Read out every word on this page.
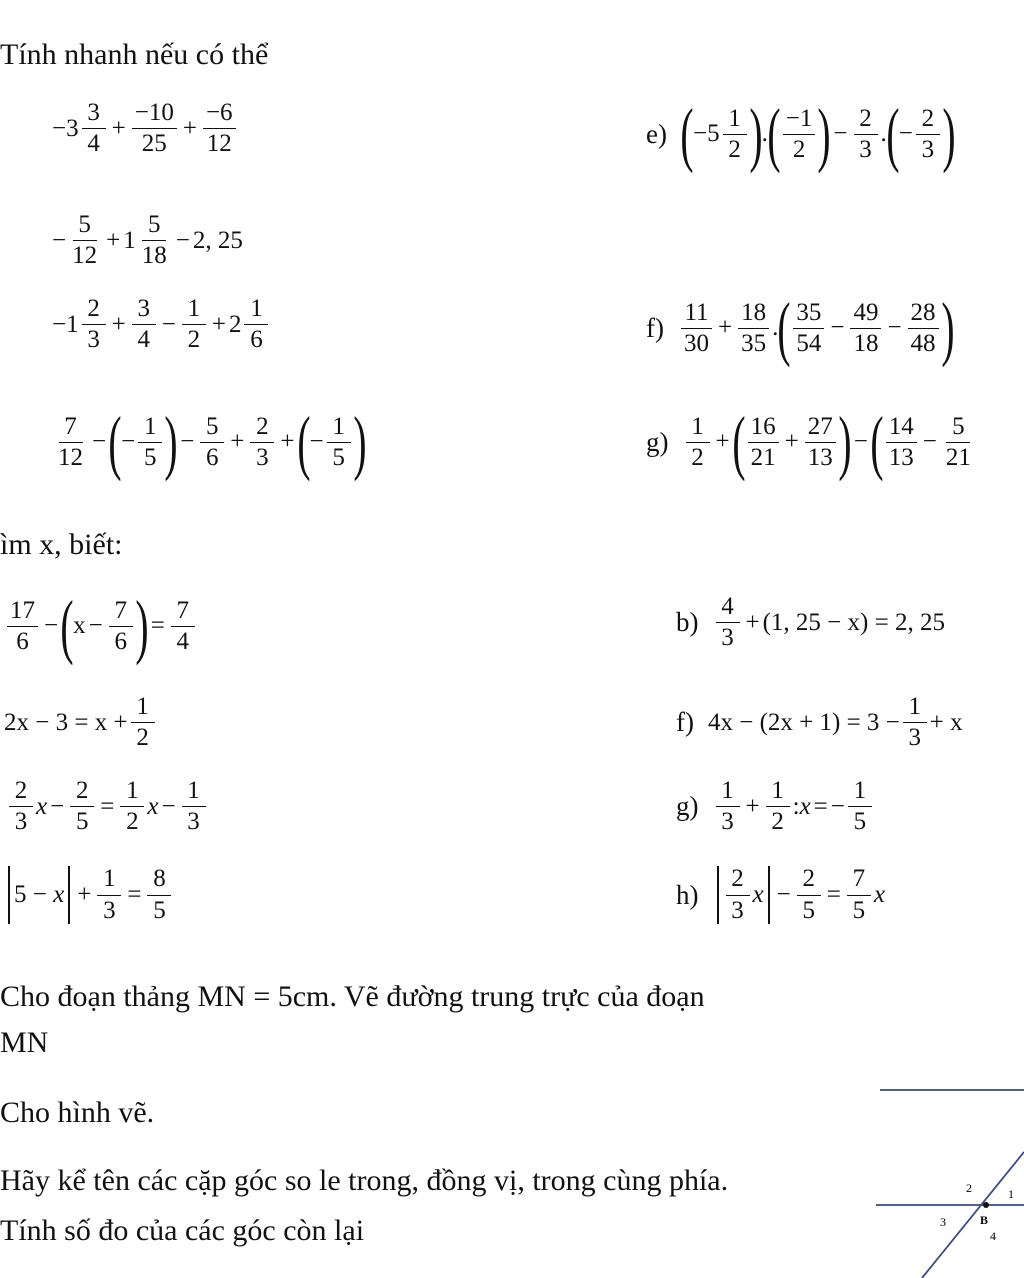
Tính nhanh nếu có thể
$-3 \frac{3}{4} + \frac{-10}{25} + \frac{-6}{12}$	e) ( $-5 \frac{1}{2}$ ) . ( $\frac{-1}{2}$ ) − $\frac{2}{3}$ . ( − $\frac{2}{3}$ )
− $\frac{5}{12} + 1 \frac{5}{18} - 2$, 25
$-1 \frac{2}{3} + \frac{3}{4} - \frac{1}{2} + 2 \frac{1}{6}$	$f) \frac{11}{30} + \frac{18}{35}$ . ( $\frac{35}{54} - \frac{49}{18} - \frac{28}{48}$ )
$\frac{7}{12}$ − ( − $\frac{1}{5}$ ) − $\frac{5}{6} + \frac{2}{3}$ + ( − $\frac{1}{5}$ )	$g) \frac{1}{2}$ + ( $\frac{16}{21} + \frac{27}{13}$ ) − ( $\frac{14}{13} - \frac{5}{21}$
ìm x, biết:
$\frac{17}{6}$ − ( $x - \frac{7}{6}$ ) = $\frac{7}{4}$	$b) \frac{4}{3} + (1$, 25 − x) = 2, 25
$2x - 3 = x + \frac{1}{2}$	f) $4x - (2x + 1) = 3 - \frac{1}{3} + x$
$\frac{2}{3}$ $x - \frac{2}{5} = \frac{1}{2}$ $x - \frac{1}{3}$	$g) \frac{1}{3} + \frac{1}{2}$ : x = − $\frac{1}{5}$
$5 - x + \frac{1}{3} = \frac{8}{5}$	$h) \frac{2}{3}$ $x - \frac{2}{5} = \frac{7}{5}$ x
Cho đoạn thảng MN = 5cm. Vẽ đường trung trực của đoạn
MN
Cho hình vẽ.
Hãy kể tên các cặp góc so le trong, đồng vị, trong cùng phía.
Tính số đo của các góc còn lại
2	1
3	B
4
